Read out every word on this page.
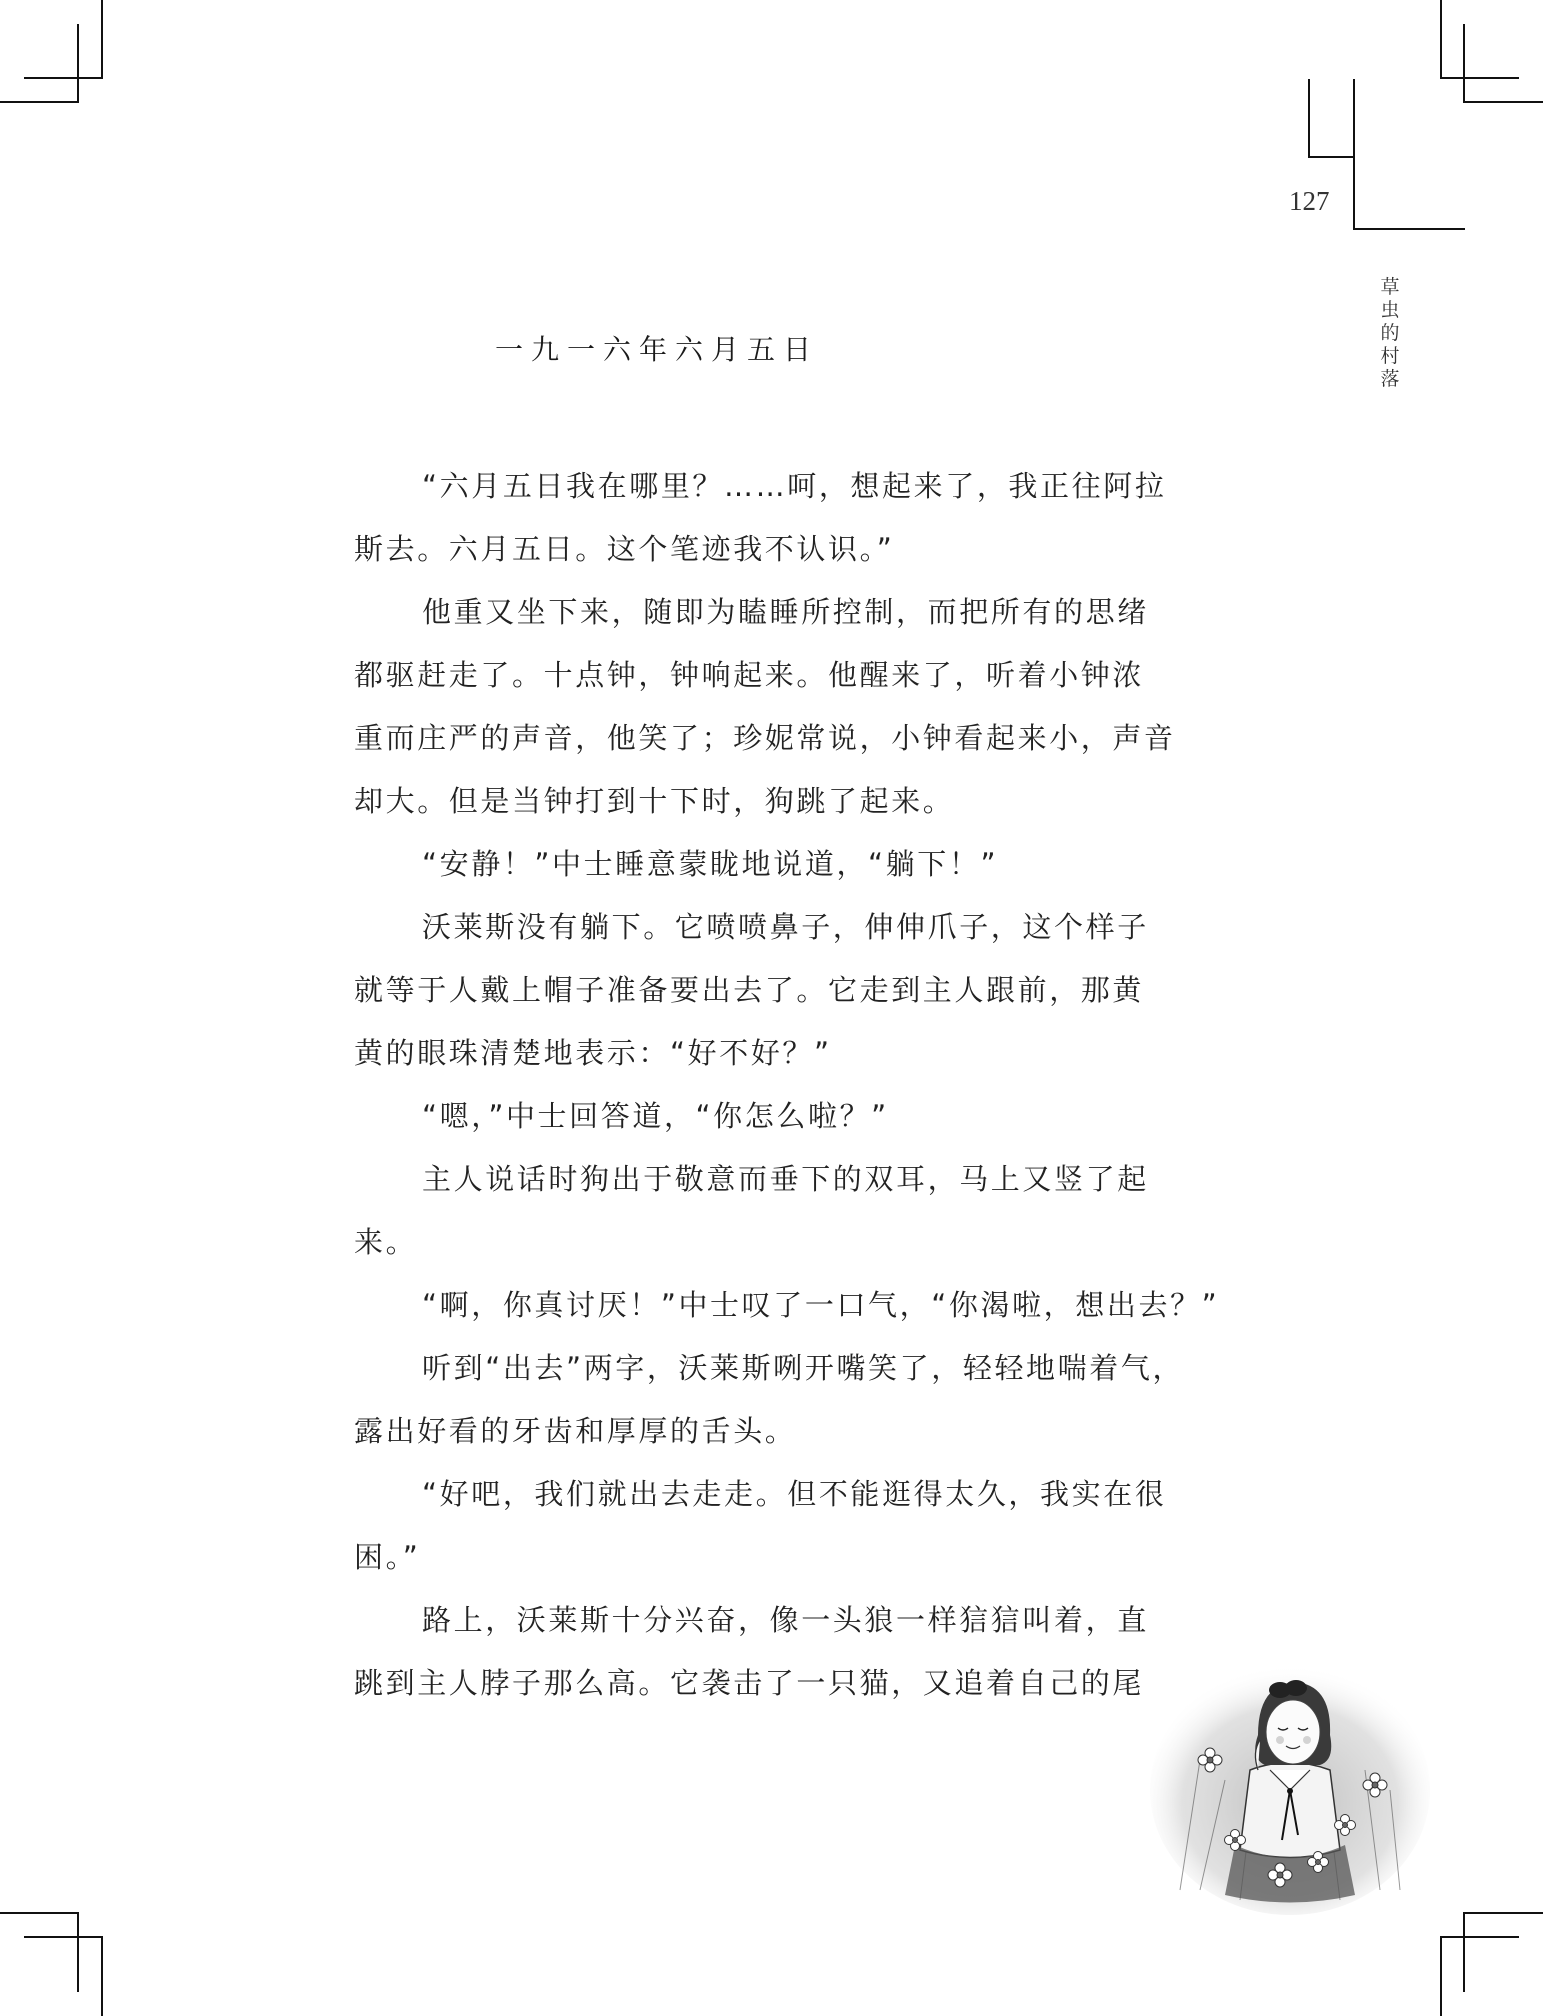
127
草
虫
的
村
落
一九一六年六月五日
“六月五日我在哪里？……呵，想起来了，我正往阿拉
斯去。六月五日。这个笔迹我不认识。”
他重又坐下来，随即为瞌睡所控制，而把所有的思绪
都驱赶走了。十点钟，钟响起来。他醒来了，听着小钟浓
重而庄严的声音，他笑了；珍妮常说，小钟看起来小，声音
却大。但是当钟打到十下时，狗跳了起来。
“安静！”中士睡意蒙眬地说道，“躺下！”
沃莱斯没有躺下。它喷喷鼻子，伸伸爪子，这个样子
就等于人戴上帽子准备要出去了。它走到主人跟前，那黄
黄的眼珠清楚地表示：“好不好？”
“嗯，”中士回答道，“你怎么啦？”
主人说话时狗出于敬意而垂下的双耳，马上又竖了起
来。
“啊，你真讨厌！”中士叹了一口气，“你渴啦，想出去？”
听到“出去”两字，沃莱斯咧开嘴笑了，轻轻地喘着气，
露出好看的牙齿和厚厚的舌头。
“好吧，我们就出去走走。但不能逛得太久，我实在很
困。”
路上，沃莱斯十分兴奋，像一头狼一样狺狺叫着，直
跳到主人脖子那么高。它袭击了一只猫，又追着自己的尾
